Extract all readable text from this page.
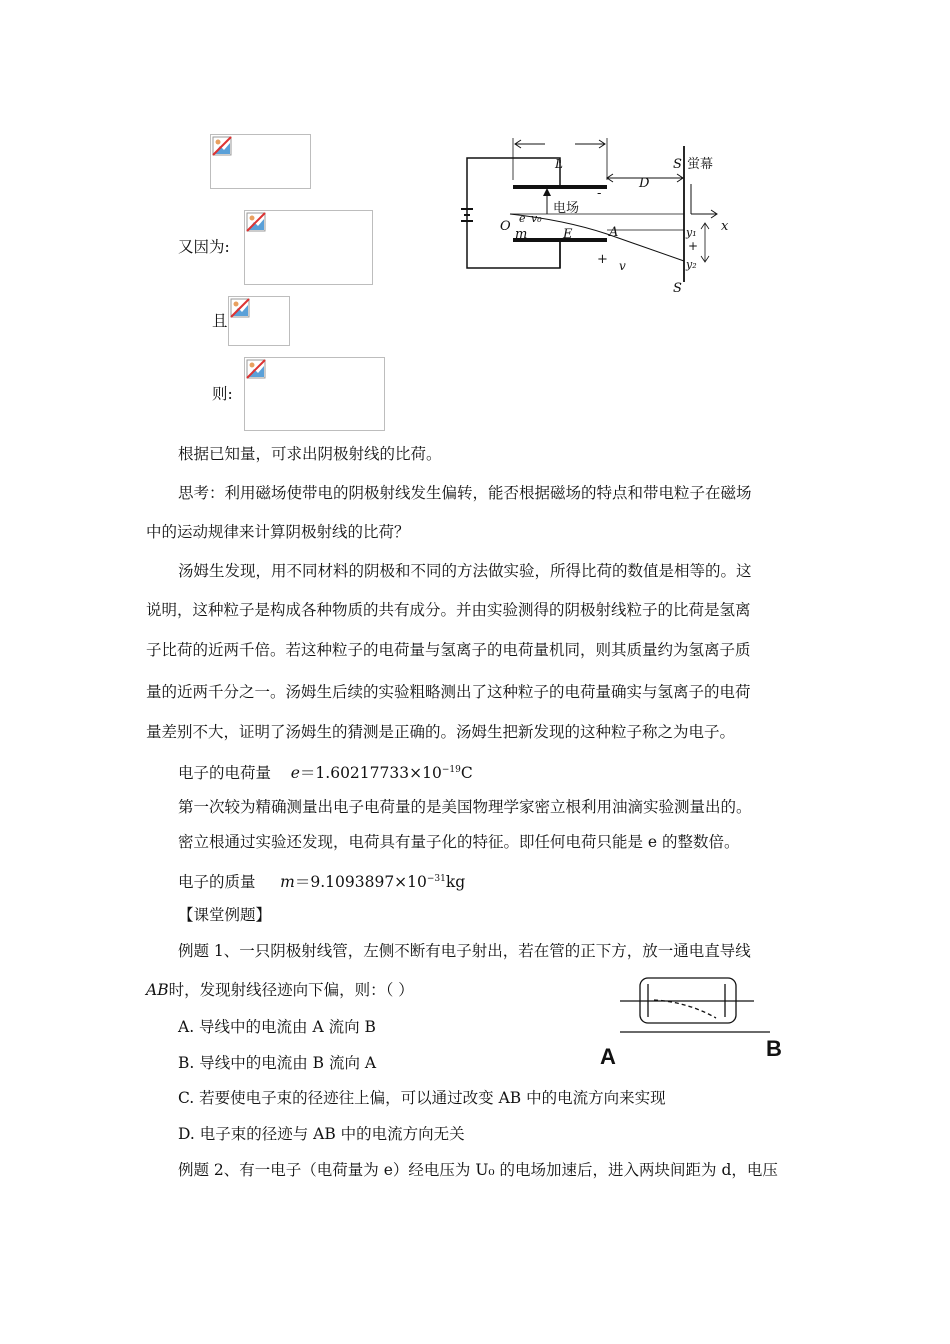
又因为:
且
则:
L
-
电场
O
e v₀
m	E	A
+ v
D
S
S
蛍幕
x
y₁
+
y₂
根据已知量，可求出阴极射线的比荷。
思考：利用磁场使带电的阴极射线发生偏转，能否根据磁场的特点和带电粒子在磁场
中的运动规律来计算阴极射线的比荷？
汤姆生发现，用不同材料的阴极和不同的方法做实验，所得比荷的数值是相等的。这
说明，这种粒子是构成各种物质的共有成分。并由实验测得的阴极射线粒子的比荷是氢离
子比荷的近两千倍。若这种粒子的电荷量与氢离子的电荷量机同，则其质量约为氢离子质
量的近两千分之一。汤姆生后续的实验粗略测出了这种粒子的电荷量确实与氢离子的电荷
量差别不大，证明了汤姆生的猜测是正确的。汤姆生把新发现的这种粒子称之为电子。
电子的电荷量 $e=1.60217733\times 10^{-19}C$
第一次较为精确测量出电子电荷量的是美国物理学家密立根利用油滴实验测量出的。
密立根通过实验还发现，电荷具有量子化的特征。即任何电荷只能是 e 的整数倍。
电子的质量 $m=9.1093897\times 10^{-31}kg$
【课堂例题】
例题 1、一只阴极射线管，左侧不断有电子射出，若在管的正下方，放一通电直导线
AB时，发现射线径迹向下偏，则：（ ）
A. 导线中的电流由 A 流向 B
B. 导线中的电流由 B 流向 A
C. 若要使电子束的径迹往上偏，可以通过改变 AB 中的电流方向来实现
D. 电子束的径迹与 AB 中的电流方向无关
例题 2、有一电子（电荷量为 e）经电压为 U₀ 的电场加速后，进入两块间距为 d，电压
A	B
